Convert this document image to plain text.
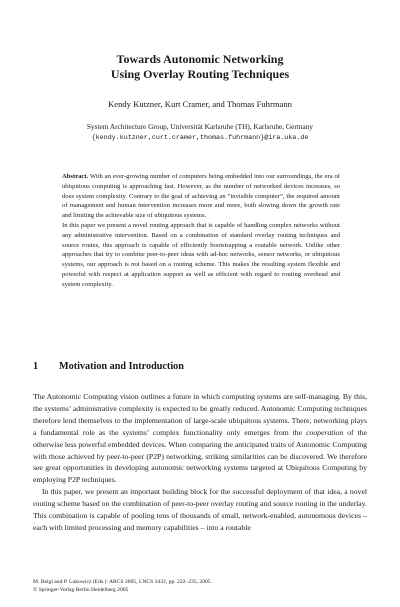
Towards Autonomic Networking
Using Overlay Routing Techniques
Kendy Kutzner, Kurt Cramer, and Thomas Fuhrmann
System Architecture Group, Universität Karlsruhe (TH), Karlsruhe, Germany
{kendy.kutzner,curt.cramer,thomas.fuhrmann}@ira.uka.de

Abstract. With an ever-growing number of computers being embedded into our surroundings, the era of ubiquitous computing is approaching fast. However, as the number of networked devices increases, so does system complexity. Contrary to the goal of achieving an “invisible computer”, the required amount of management and human intervention increases more and more, both slowing down the growth rate and limiting the achievable size of ubiquitous systems.

In this paper we present a novel routing approach that is capable of handling complex networks without any administrative intervention. Based on a combination of standard overlay routing techniques and source routes, this approach is capable of efficiently bootstrapping a routable network. Unlike other approaches that try to combine peer-to-peer ideas with ad-hoc networks, sensor networks, or ubiquitous systems, our approach is not based on a routing scheme. This makes the resulting system flexible and powerful with respect at application support as well as efficient with regard to routing overhead and system complexity.

1 Motivation and Introduction

The Autonomic Computing vision outlines a future in which computing systems are self-managing. By this, the systems’ administrative complexity is expected to be greatly reduced. Autonomic Computing techniques therefore lend themselves to the implementation of large-scale ubiquitous systems. There, networking plays a fundamental role as the systems’ complex functionality only emerges from the cooperation of the otherwise less powerful embedded devices. When comparing the anticipated traits of Autonomic Computing with those achieved by peer-to-peer (P2P) networking, striking similarities can be discovered. We therefore see great opportunities in developing autonomic networking systems targeted at Ubiquitous Computing by employing P2P techniques.

In this paper, we present an important building block for the successful deployment of that idea, a novel routing scheme based on the combination of peer-to-peer overlay routing and source routing in the underlay. This combination is capable of pooling tens of thousands of small, network-enabled, autonomous devices – each with limited processing and memory capabilities – into a routable

M. Beigl and P. Lukowicz (Eds.): ARCS 2005, LNCS 3432, pp. 222–235, 2005.
© Springer-Verlag Berlin Heidelberg 2005
